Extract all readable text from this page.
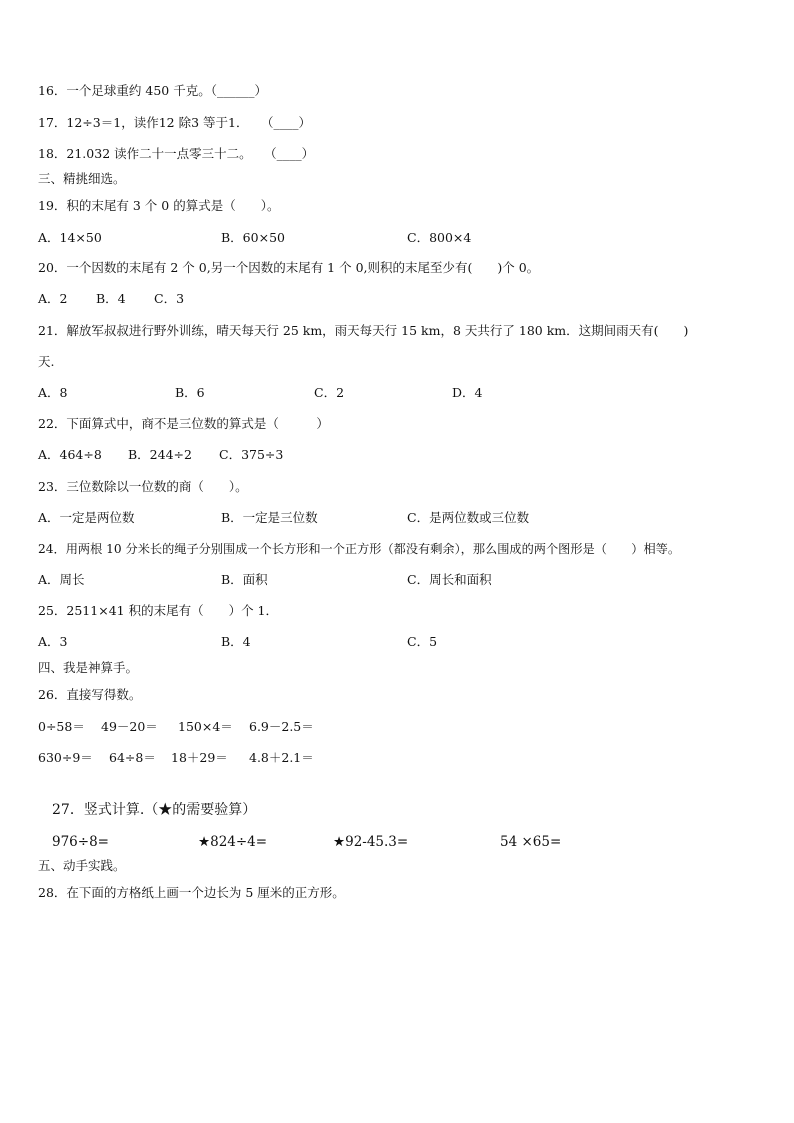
16．一个足球重约 450 千克。（______）
17．12÷3＝1，读作12 除3 等于1．　　（____）
18．21.032 读作二十一点零三十二。　　（____）
三、精挑细选。
19．积的末尾有 3 个 0 的算式是（　　）。
A．14×50	B．60×50	C．800×4
20．一个因数的末尾有 2 个 0,另一个因数的末尾有 1 个 0,则积的末尾至少有(　　)个 0。
A．2 B．4 C．3
21．解放军叔叔进行野外训练，晴天每天行 25 km，雨天每天行 15 km，8 天共行了 180 km．这期间雨天有(　　)
天.
A．8	B．6	C．2	D．4
22．下面算式中，商不是三位数的算式是（　　　）
A．464÷8 B．244÷2 C．375÷3
23．三位数除以一位数的商（　　）。
A．一定是两位数	B．一定是三位数	C．是两位数或三位数
24．用两根 10 分米长的绳子分别围成一个长方形和一个正方形（都没有剩余），那么围成的两个图形是（　　）相等。
A．周长	B．面积	C．周长和面积
25．2511×41 积的末尾有（　　）个 1．
A．3	B．4	C．5
四、我是神算手。
26．直接写得数。
0÷58＝ 49－20＝ 150×4＝ 6.9－2.5＝
630÷9＝ 64÷8＝ 18＋29＝ 4.8＋2.1＝
27．竖式计算.（★的需要验算）
976÷8=	★824÷4=	★92-45.3=	54 ×65=
五、动手实践。
28．在下面的方格纸上画一个边长为 5 厘米的正方形。
